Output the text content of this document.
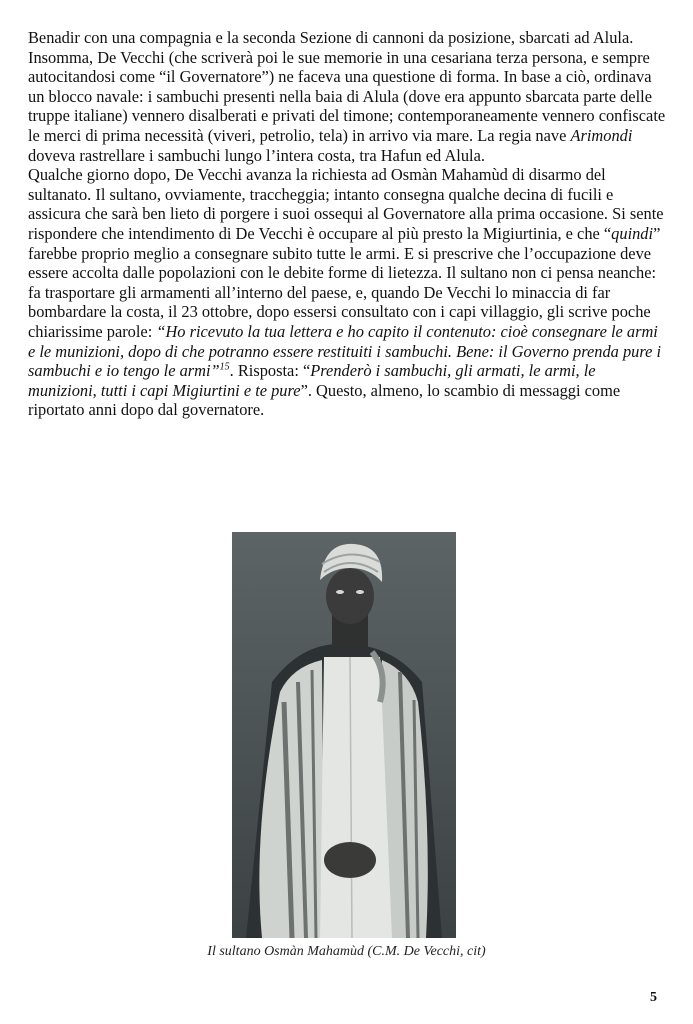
Benadir con una compagnia e la seconda Sezione di cannoni da posizione, sbarcati ad Alula.

Insomma, De Vecchi (che scriverà poi le sue memorie in una cesariana terza persona, e sempre autocitandosi come “il Governatore”) ne faceva una questione di forma. In base a ciò, ordinava un blocco navale: i sambuchi presenti nella baia di Alula (dove era appunto sbarcata parte delle truppe italiane) vennero disalberati e privati del timone; contemporaneamente vennero confiscate le merci di prima necessità (viveri, petrolio, tela) in arrivo via mare. La regia nave Arimondi doveva rastrellare i sambuchi lungo l’intera costa, tra Hafun ed Alula.

Qualche giorno dopo, De Vecchi avanza la richiesta ad Osmàn Mahamùd di disarmo del sultanato. Il sultano, ovviamente, traccheggia; intanto consegna qualche decina di fucili e assicura che sarà ben lieto di porgere i suoi ossequi al Governatore alla prima occasione. Si sente rispondere che intendimento di De Vecchi è occupare al più presto la Migiurtinia, e che “quindi” farebbe proprio meglio a consegnare subito tutte le armi. E si prescrive che l’occupazione deve essere accolta dalle popolazioni con le debite forme di lietezza. Il sultano non ci pensa neanche: fa trasportare gli armamenti all’interno del paese, e, quando De Vecchi lo minaccia di far bombardare la costa, il 23 ottobre, dopo essersi consultato con i capi villaggio, gli scrive poche chiarissime parole: “Ho ricevuto la tua lettera e ho capito il contenuto: cioè consegnare le armi e le munizioni, dopo di che potranno essere restituiti i sambuchi. Bene: il Governo prenda pure i sambuchi e io tengo le armi”$^{15}$. Risposta: “Prenderò i sambuchi, gli armati, le armi, le munizioni, tutti i capi Migiurtini e te pure”. Questo, almeno, lo scambio di messaggi come riportato anni dopo dal governatore.

Il sultano Osmàn Mahamùd (C.M. De Vecchi, cit)
5
